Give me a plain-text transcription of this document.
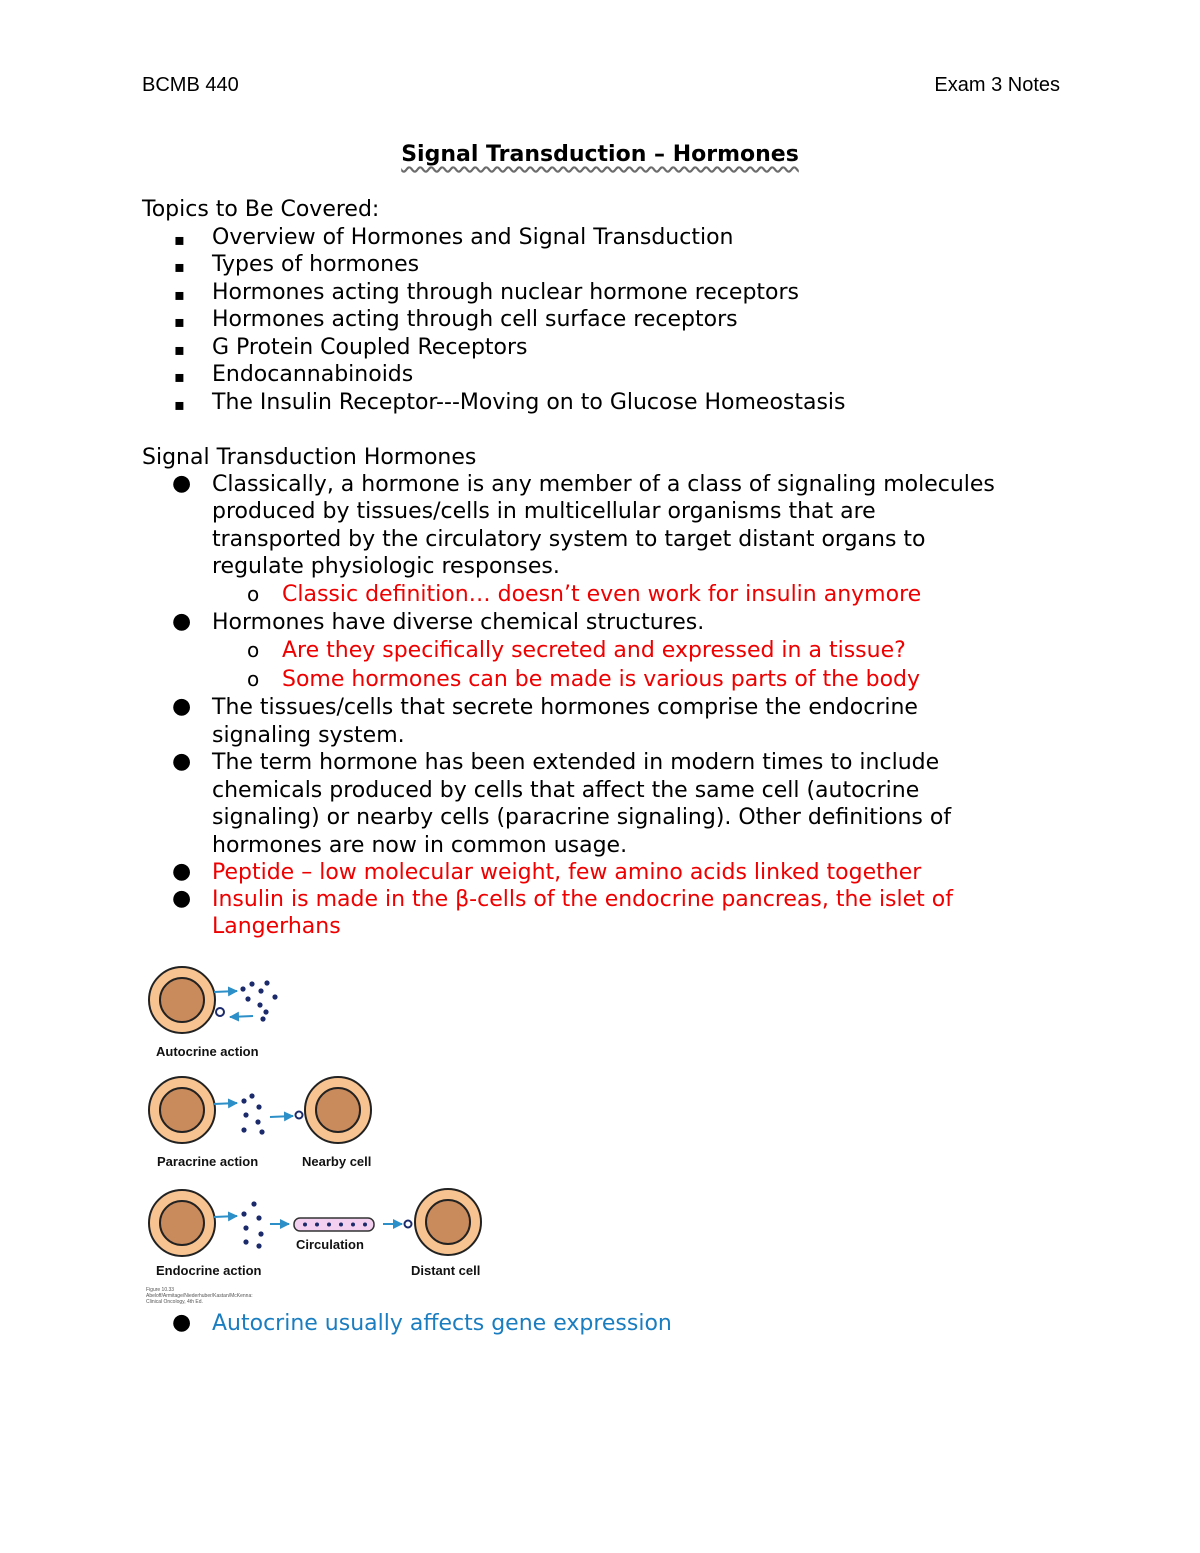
BCMB 440	Exam 3 Notes
Signal Transduction – Hormones
Topics to Be Covered:
▪ Overview of Hormones and Signal Transduction
▪ Types of hormones
▪ Hormones acting through nuclear hormone receptors
▪ Hormones acting through cell surface receptors
▪ G Protein Coupled Receptors
▪ Endocannabinoids
▪ The Insulin Receptor---Moving on to Glucose Homeostasis
Signal Transduction Hormones
● Classically, a hormone is any member of a class of signaling molecules
produced by tissues/cells in multicellular organisms that are
transported by the circulatory system to target distant organs to
regulate physiologic responses.
o Classic definition… doesn’t even work for insulin anymore
● Hormones have diverse chemical structures.
o Are they specifically secreted and expressed in a tissue?
o Some hormones can be made is various parts of the body
● The tissues/cells that secrete hormones comprise the endocrine
signaling system.
● The term hormone has been extended in modern times to include
chemicals produced by cells that affect the same cell (autocrine
signaling) or nearby cells (paracrine signaling). Other definitions of
hormones are now in common usage.
● Peptide – low molecular weight, few amino acids linked together
● Insulin is made in the β-cells of the endocrine pancreas, the islet of
Langerhans
Autocrine action
Paracrine action	Nearby cell
Circulation
Endocrine action	Distant cell
Figure 10.33
Abeloff/Armitage/Niederhuber/Kastan/McKenna:
Clinical Oncology, 4th Ed.
● Autocrine usually affects gene expression
